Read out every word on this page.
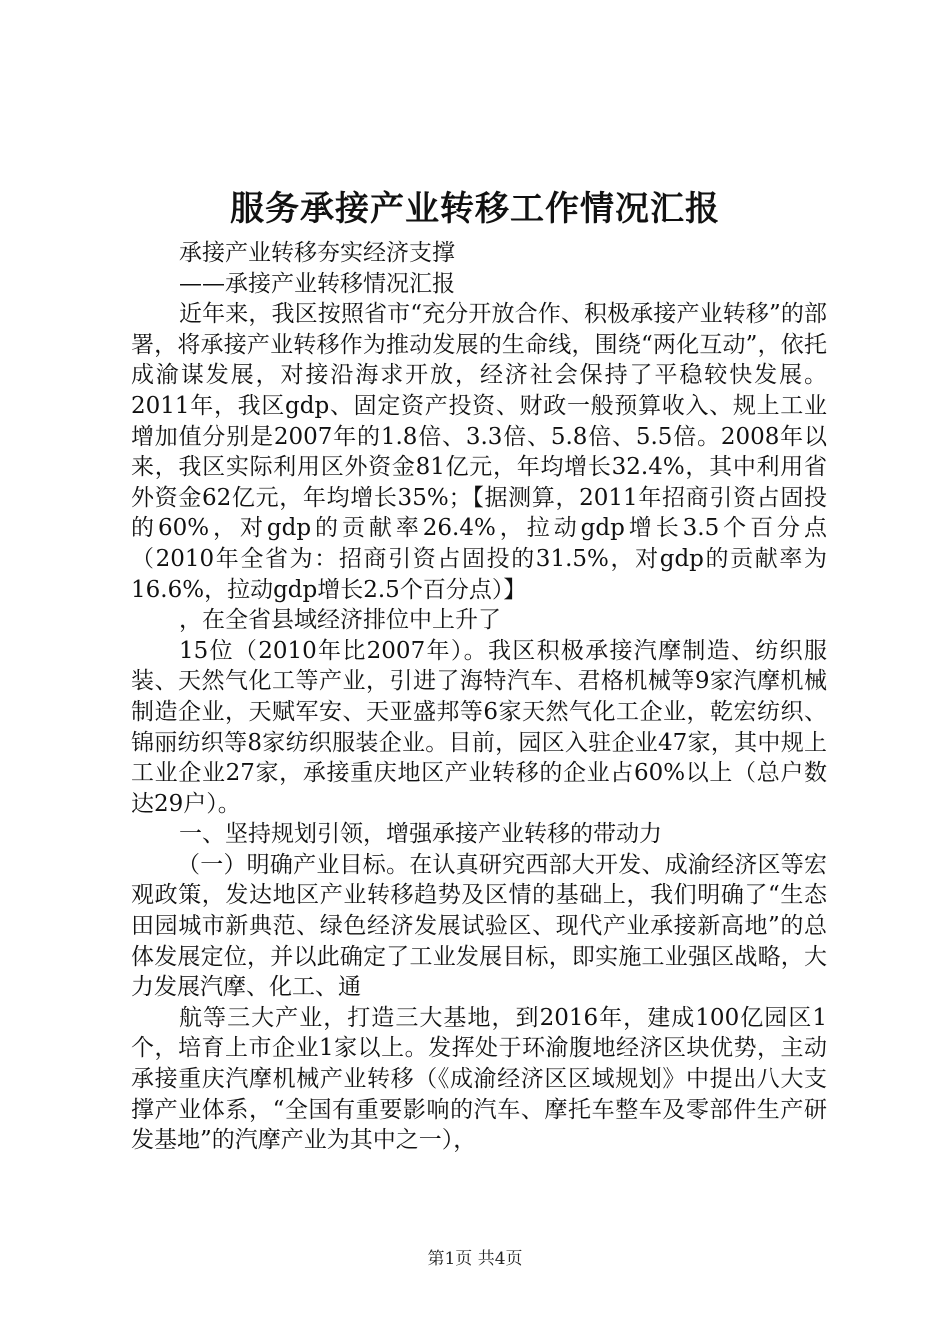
服务承接产业转移工作情况汇报

承接产业转移夯实经济支撑

——承接产业转移情况汇报

近年来，我区按照省市“充分开放合作、积极承接产业转移”的部署，将承接产业转移作为推动发展的生命线，围绕“两化互动”，依托成渝谋发展，对接沿海求开放，经济社会保持了平稳较快发展。2011年，我区gdp、固定资产投资、财政一般预算收入、规上工业增加值分别是2007年的1.8倍、3.3倍、5.8倍、5.5倍。2008年以来，我区实际利用区外资金81亿元，年均增长32.4%，其中利用省外资金62亿元，年均增长35%；【据测算，2011年招商引资占固投的60%，对gdp的贡献率26.4%，拉动gdp增长3.5个百分点（2010年全省为：招商引资占固投的31.5%，对gdp的贡献率为16.6%，拉动gdp增长2.5个百分点）】

，在全省县域经济排位中上升了

15位（2010年比2007年）。我区积极承接汽摩制造、纺织服装、天然气化工等产业，引进了海特汽车、君格机械等9家汽摩机械制造企业，天赋军安、天亚盛邦等6家天然气化工企业，乾宏纺织、锦丽纺织等8家纺织服装企业。目前，园区入驻企业47家，其中规上工业企业27家，承接重庆地区产业转移的企业占60%以上（总户数达29户）。

一、坚持规划引领，增强承接产业转移的带动力

（一）明确产业目标。在认真研究西部大开发、成渝经济区等宏观政策，发达地区产业转移趋势及区情的基础上，我们明确了“生态田园城市新典范、绿色经济发展试验区、现代产业承接新高地”的总体发展定位，并以此确定了工业发展目标，即实施工业强区战略，大力发展汽摩、化工、通

航等三大产业，打造三大基地，到2016年，建成100亿园区1个，培育上市企业1家以上。发挥处于环渝腹地经济区块优势，主动承接重庆汽摩机械产业转移（《成渝经济区区域规划》中提出八大支撑产业体系，“全国有重要影响的汽车、摩托车整车及零部件生产研发基地”的汽摩产业为其中之一），

第1页 共4页
